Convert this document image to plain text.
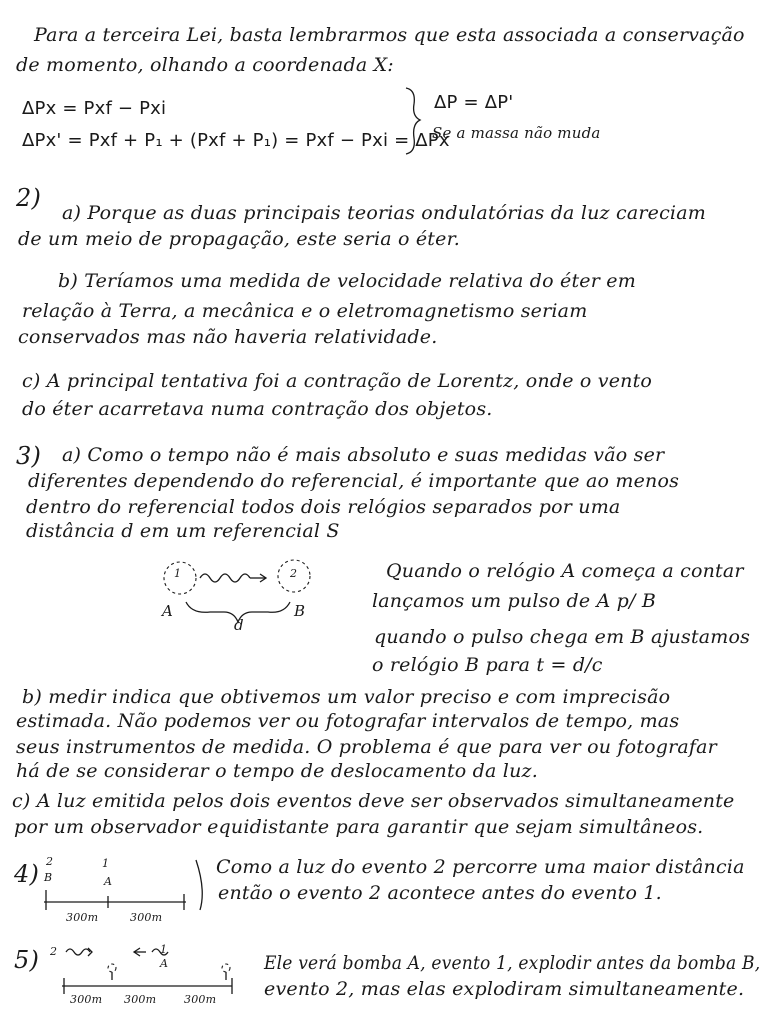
Para a terceira Lei, basta lembrarmos que esta associada a conservação
de momento, olhando a coordenada X:
ΔPx = Pxf − Pxi
ΔPx' = Pxf + P₁ + (Pxf + P₁) = Pxf − Pxi = ΔPx
ΔP = ΔP'
Se a massa não muda
2)
a) Porque as duas principais teorias ondulatórias da luz careciam
de um meio de propagação, este seria o éter.
b) Teríamos uma medida de velocidade relativa do éter em
relação à Terra, a mecânica e o eletromagnetismo seriam
conservados mas não haveria relatividade.
c) A principal tentativa foi a contração de Lorentz, onde o vento
do éter acarretava numa contração dos objetos.
3) a) Como o tempo não é mais absoluto e suas medidas vão ser
diferentes dependendo do referencial, é importante que ao menos
dentro do referencial todos dois relógios separados por uma
distância d em um referencial S
1	2
A	B
d
Quando o relógio A começa a contar
lançamos um pulso de A p/ B
quando o pulso chega em B ajustamos
o relógio B para t = d/c
b) medir indica que obtivemos um valor preciso e com imprecisão
estimada. Não podemos ver ou fotografar intervalos de tempo, mas
seus instrumentos de medida. O problema é que para ver ou fotografar
há de se considerar o tempo de deslocamento da luz.
c) A luz emitida pelos dois eventos deve ser observados simultaneamente
por um observador equidistante para garantir que sejam simultâneos.
4) 2
B
1
A
300m	300m
Como a luz do evento 2 percorre uma maior distância
então o evento 2 acontece antes do evento 1.
5) 2	1
A
300m 300m	300m
Ele verá bomba A, evento 1, explodir antes da bomba B,
evento 2, mas elas explodiram simultaneamente.
